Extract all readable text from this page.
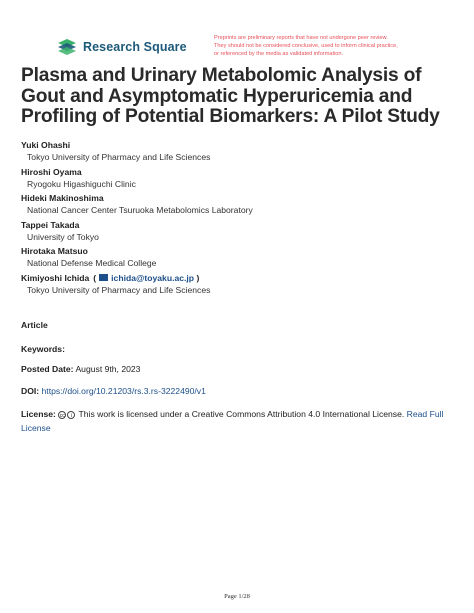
Research Square
Preprints are preliminary reports that have not undergone peer review.
They should not be considered conclusive, used to inform clinical practice,
or referenced by the media as validated information.
Plasma and Urinary Metabolomic Analysis of Gout and Asymptomatic Hyperuricemia and Profiling of Potential Biomarkers: A Pilot Study
Yuki Ohashi
Tokyo University of Pharmacy and Life Sciences
Hiroshi Oyama
Ryogoku Higashiguchi Clinic
Hideki Makinoshima
National Cancer Center Tsuruoka Metabolomics Laboratory
Tappei Takada
University of Tokyo
Hirotaka Matsuo
National Defense Medical College
Kimiyoshi Ichida ( ichida@toyaku.ac.jp )
Tokyo University of Pharmacy and Life Sciences
Article
Keywords:
Posted Date: August 9th, 2023
DOI: https://doi.org/10.21203/rs.3.rs-3222490/v1
License: cc i This work is licensed under a Creative Commons Attribution 4.0 International License. Read Full License
Page 1/28
